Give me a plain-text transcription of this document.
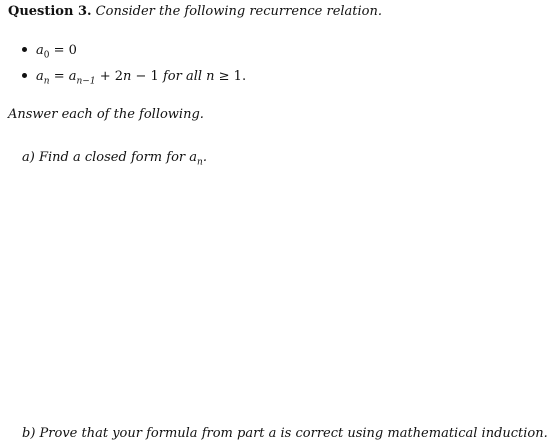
Question 3. Consider the following recurrence relation.
$a_0 = 0$
$a_n = a_{n-1} + 2n - 1$ for all n ≥ 1.
Answer each of the following.
a) Find a closed form for $a_n$.
b) Prove that your formula from part a is correct using mathematical induction.
